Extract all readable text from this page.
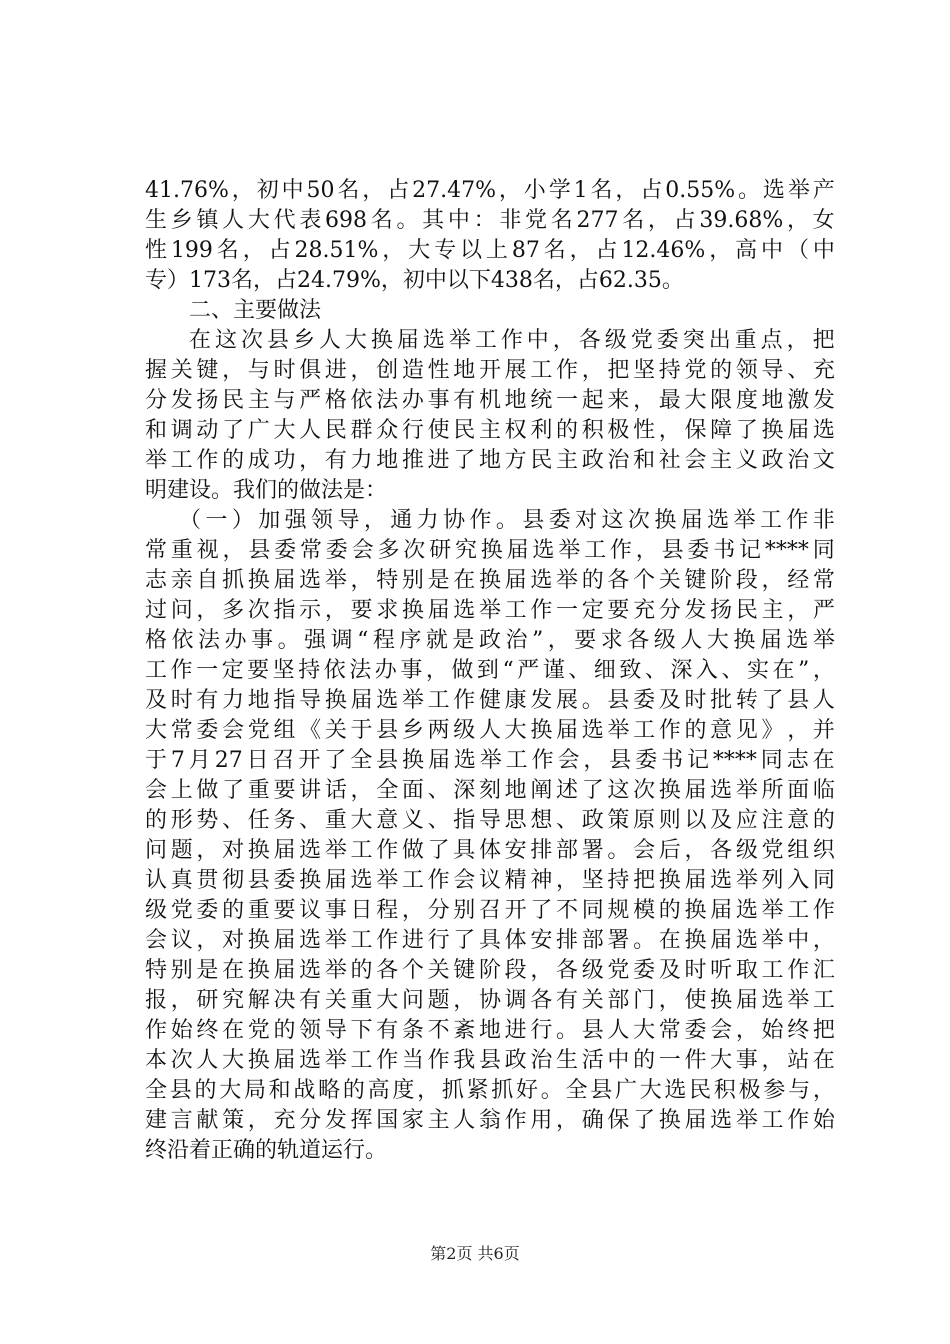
41.76% ， 初 中 50 名 ， 占 27.47% ， 小 学 1 名 ， 占 0.55% 。 选 举 产
生 乡 镇 人 大 代 表 698 名 。 其 中 ： 非 党 名 277 名 ， 占 39.68% ， 女
性 199 名 ， 占 28.51% ， 大 专 以 上 87 名 ， 占 12.46% ， 高 中 （ 中
专）173名，占24.79%，初中以下438名，占62.35。
二、主要做法
在 这 次 县 乡 人 大 换 届 选 举 工 作 中 ， 各 级 党 委 突 出 重 点 ， 把
握 关 键 ， 与 时 俱 进 ， 创 造 性 地 开 展 工 作 ， 把 坚 持 党 的 领 导 、 充
分 发 扬 民 主 与 严 格 依 法 办 事 有 机 地 统 一 起 来 ， 最 大 限 度 地 激 发
和 调 动 了 广 大 人 民 群 众 行 使 民 主 权 利 的 积 极 性 ， 保 障 了 换 届 选
举 工 作 的 成 功 ， 有 力 地 推 进 了 地 方 民 主 政 治 和 社 会 主 义 政 治 文
明建设。我们的做法是：
（ 一 ） 加 强 领 导 ， 通 力 协 作 。 县 委 对 这 次 换 届 选 举 工 作 非
常 重 视 ， 县 委 常 委 会 多 次 研 究 换 届 选 举 工 作 ， 县 委 书 记 **** 同
志 亲 自 抓 换 届 选 举 ， 特 别 是 在 换 届 选 举 的 各 个 关 键 阶 段 ， 经 常
过 问 ， 多 次 指 示 ， 要 求 换 届 选 举 工 作 一 定 要 充 分 发 扬 民 主 ， 严
格 依 法 办 事 。 强 调 “ 程 序 就 是 政 治 ” ， 要 求 各 级 人 大 换 届 选 举
工 作 一 定 要 坚 持 依 法 办 事 ， 做 到 “ 严 谨 、 细 致 、 深 入 、 实 在 ” ，
及 时 有 力 地 指 导 换 届 选 举 工 作 健 康 发 展 。 县 委 及 时 批 转 了 县 人
大 常 委 会 党 组 《 关 于 县 乡 两 级 人 大 换 届 选 举 工 作 的 意 见 》 ， 并
于 7 月 27 日 召 开 了 全 县 换 届 选 举 工 作 会 ， 县 委 书 记 **** 同 志 在
会 上 做 了 重 要 讲 话 ， 全 面 、 深 刻 地 阐 述 了 这 次 换 届 选 举 所 面 临
的 形 势 、 任 务 、 重 大 意 义 、 指 导 思 想 、 政 策 原 则 以 及 应 注 意 的
问 题 ， 对 换 届 选 举 工 作 做 了 具 体 安 排 部 署 。 会 后 ， 各 级 党 组 织
认 真 贯 彻 县 委 换 届 选 举 工 作 会 议 精 神 ， 坚 持 把 换 届 选 举 列 入 同
级 党 委 的 重 要 议 事 日 程 ， 分 别 召 开 了 不 同 规 模 的 换 届 选 举 工 作
会 议 ， 对 换 届 选 举 工 作 进 行 了 具 体 安 排 部 署 。 在 换 届 选 举 中 ，
特 别 是 在 换 届 选 举 的 各 个 关 键 阶 段 ， 各 级 党 委 及 时 听 取 工 作 汇
报 ， 研 究 解 决 有 关 重 大 问 题 ， 协 调 各 有 关 部 门 ， 使 换 届 选 举 工
作 始 终 在 党 的 领 导 下 有 条 不 紊 地 进 行 。 县 人 大 常 委 会 ， 始 终 把
本 次 人 大 换 届 选 举 工 作 当 作 我 县 政 治 生 活 中 的 一 件 大 事 ， 站 在
全 县 的 大 局 和 战 略 的 高 度 ， 抓 紧 抓 好 。 全 县 广 大 选 民 积 极 参 与 ，
建 言 献 策 ， 充 分 发 挥 国 家 主 人 翁 作 用 ， 确 保 了 换 届 选 举 工 作 始
终沿着正确的轨道运行。
第2页 共6页
